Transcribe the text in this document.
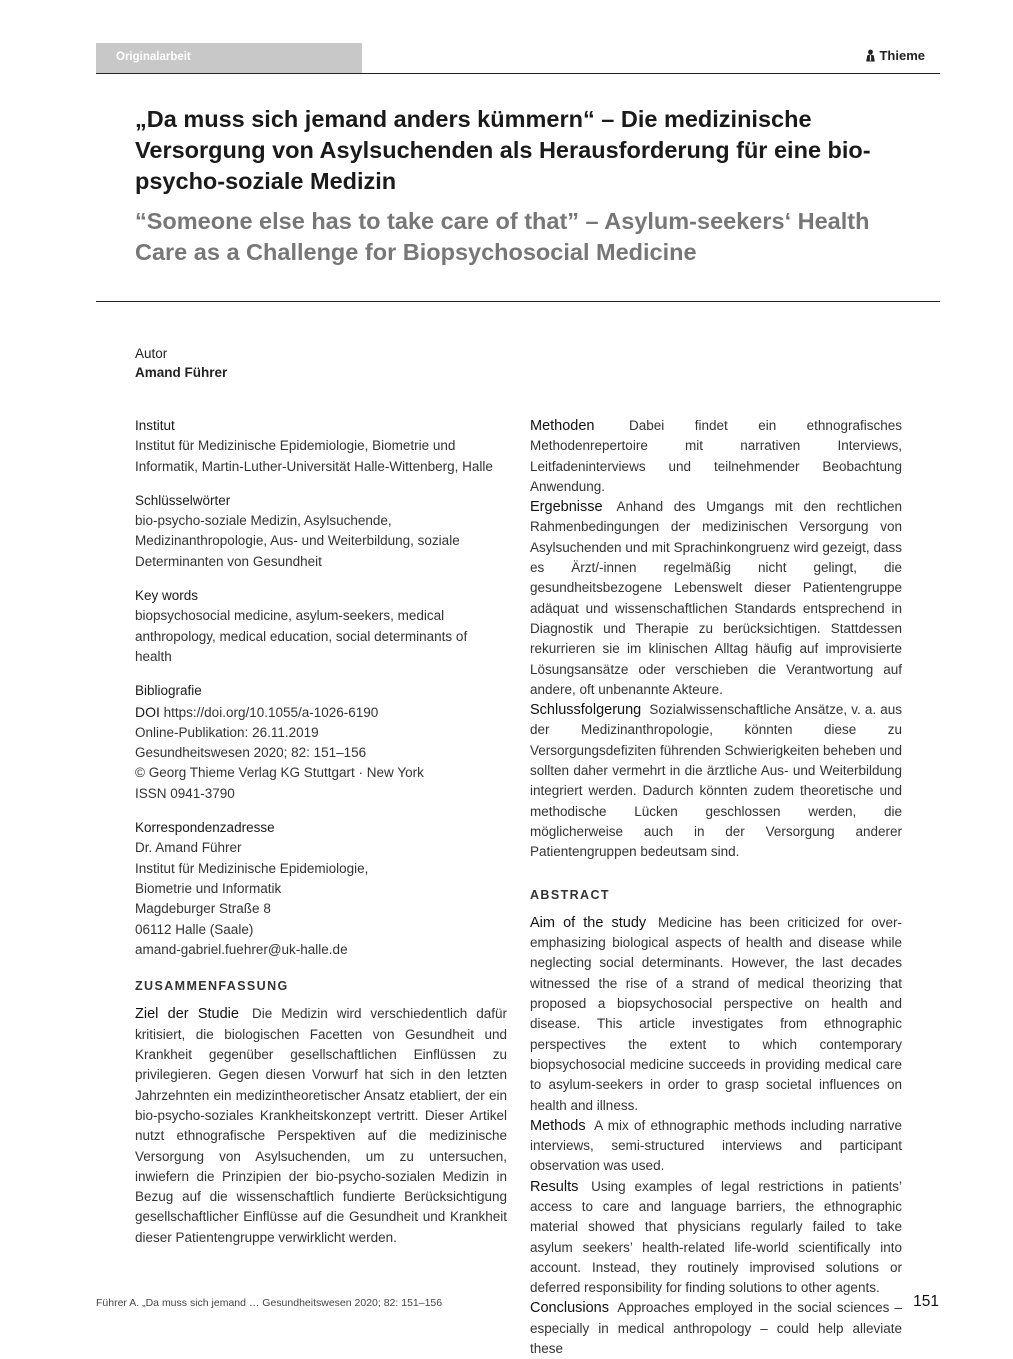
Originalarbeit	Thieme
„Da muss sich jemand anders kümmern“ – Die medizinische Versorgung von Asylsuchenden als Herausforderung für eine bio-psycho-soziale Medizin
“Someone else has to take care of that” – Asylum-seekers‘ Health Care as a Challenge for Biopsychosocial Medicine
Autor
Amand Führer
Institut
Institut für Medizinische Epidemiologie, Biometrie und Informatik, Martin-Luther-Universität Halle-Wittenberg, Halle
Schlüsselwörter
bio-psycho-soziale Medizin, Asylsuchende, Medizinanthropologie, Aus- und Weiterbildung, soziale Determinanten von Gesundheit
Key words
biopsychosocial medicine, asylum-seekers, medical anthropology, medical education, social determinants of health
Bibliografie
DOI https://doi.org/10.1055/a-1026-6190
Online-Publikation: 26.11.2019
Gesundheitswesen 2020; 82: 151–156
© Georg Thieme Verlag KG Stuttgart · New York
ISSN 0941-3790
Korrespondenzadresse
Dr. Amand Führer
Institut für Medizinische Epidemiologie,
Biometrie und Informatik
Magdeburger Straße 8
06112 Halle (Saale)
amand-gabriel.fuehrer@uk-halle.de
ZUSAMMENFASSUNG

Ziel der Studie Die Medizin wird verschiedentlich dafür kritisiert, die biologischen Facetten von Gesundheit und Krankheit gegenüber gesellschaftlichen Einflüssen zu privilegieren. Gegen diesen Vorwurf hat sich in den letzten Jahrzehnten ein medizintheoretischer Ansatz etabliert, der ein bio-psycho-soziales Krankheitskonzept vertritt. Dieser Artikel nutzt ethnografische Perspektiven auf die medizinische Versorgung von Asylsuchenden, um zu untersuchen, inwiefern die Prinzipien der bio-psycho-sozialen Medizin in Bezug auf die wissenschaftlich fundierte Berücksichtigung gesellschaftlicher Einflüsse auf die Gesundheit und Krankheit dieser Patientengruppe verwirklicht werden.

Methoden	Dabei findet ein ethnografisches Methodenrepertoire mit narrativen Interviews, Leitfadeninterviews und teilnehmender Beobachtung Anwendung.

Ergebnisse Anhand des Umgangs mit den rechtlichen Rahmenbedingungen der medizinischen Versorgung von Asylsuchenden und mit Sprachinkongruenz wird gezeigt, dass es Ärzt/-innen regelmäßig nicht gelingt, die gesundheitsbezogene Lebenswelt dieser Patientengruppe adäquat und wissenschaftlichen Standards entsprechend in Diagnostik und Therapie zu berücksichtigen. Stattdessen rekurrieren sie im klinischen Alltag häufig auf improvisierte Lösungsansätze oder verschieben die Verantwortung auf andere, oft unbenannte Akteure.

Schlussfolgerung Sozialwissenschaftliche Ansätze, v. a. aus der Medizinanthropologie, könnten diese zu Versorgungsdefiziten führenden Schwierigkeiten beheben und sollten daher vermehrt in die ärztliche Aus- und Weiterbildung integriert werden. Dadurch könnten zudem theoretische und methodische Lücken geschlossen werden, die möglicherweise auch in der Versorgung anderer Patientengruppen bedeutsam sind.

ABSTRACT

Aim of the study Medicine has been criticized for over-emphasizing biological aspects of health and disease while neglecting social determinants. However, the last decades witnessed the rise of a strand of medical theorizing that proposed a biopsychosocial perspective on health and disease. This article investigates from ethnographic perspectives the extent to which contemporary biopsychosocial medicine succeeds in providing medical care to asylum-seekers in order to grasp societal influences on health and illness.

Methods A mix of ethnographic methods including narrative interviews, semi-structured interviews and participant observation was used.

Results Using examples of legal restrictions in patients’ access to care and language barriers, the ethnographic material showed that physicians regularly failed to take asylum seekers’ health-related life-world scientifically into account. Instead, they routinely improvised solutions or deferred responsibility for finding solutions to other agents.

Conclusions Approaches employed in the social sciences – especially in medical anthropology – could help alleviate these

Führer A. „Da muss sich jemand … Gesundheitswesen 2020; 82: 151–156	151
